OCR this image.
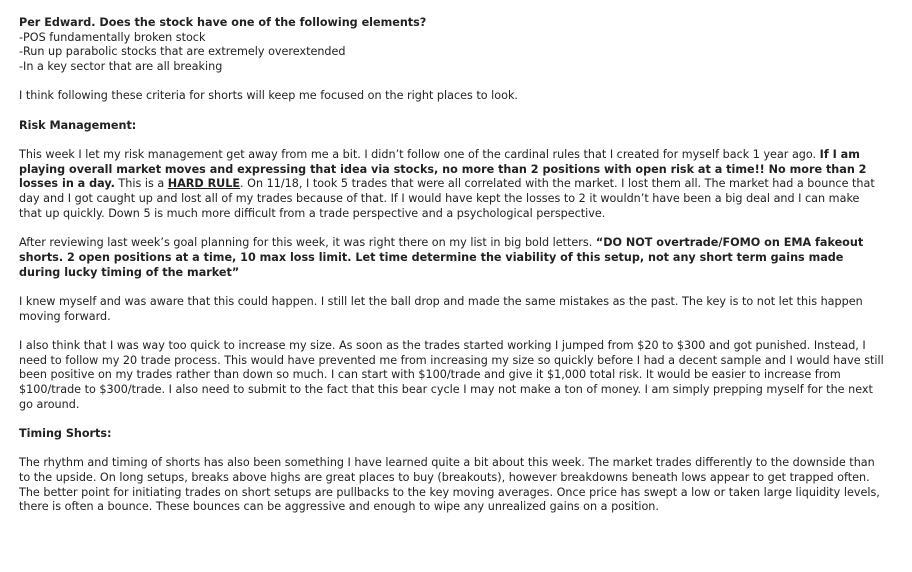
Per Edward. Does the stock have one of the following elements?

-POS fundamentally broken stock

-Run up parabolic stocks that are extremely overextended

-In a key sector that are all breaking

I think following these criteria for shorts will keep me focused on the right places to look.

Risk Management:

This week I let my risk management get away from me a bit. I didn’t follow one of the cardinal rules that I created for myself back 1 year ago. If I am playing overall market moves and expressing that idea via stocks, no more than 2 positions with open risk at a time!! No more than 2 losses in a day. This is a HARD RULE. On 11/18, I took 5 trades that were all correlated with the market. I lost them all. The market had a bounce that day and I got caught up and lost all of my trades because of that. If I would have kept the losses to 2 it wouldn’t have been a big deal and I can make that up quickly. Down 5 is much more difficult from a trade perspective and a psychological perspective.

After reviewing last week’s goal planning for this week, it was right there on my list in big bold letters. “DO NOT overtrade/FOMO on EMA fakeout shorts. 2 open positions at a time, 10 max loss limit. Let time determine the viability of this setup, not any short term gains made during lucky timing of the market”

I knew myself and was aware that this could happen. I still let the ball drop and made the same mistakes as the past. The key is to not let this happen moving forward.

I also think that I was way too quick to increase my size. As soon as the trades started working I jumped from $20 to $300 and got punished. Instead, I need to follow my 20 trade process. This would have prevented me from increasing my size so quickly before I had a decent sample and I would have still been positive on my trades rather than down so much. I can start with $100/trade and give it $1,000 total risk. It would be easier to increase from $100/trade to $300/trade. I also need to submit to the fact that this bear cycle I may not make a ton of money. I am simply prepping myself for the next go around.

Timing Shorts:

The rhythm and timing of shorts has also been something I have learned quite a bit about this week. The market trades differently to the downside than to the upside. On long setups, breaks above highs are great places to buy (breakouts), however breakdowns beneath lows appear to get trapped often. The better point for initiating trades on short setups are pullbacks to the key moving averages. Once price has swept a low or taken large liquidity levels, there is often a bounce. These bounces can be aggressive and enough to wipe any unrealized gains on a position.
